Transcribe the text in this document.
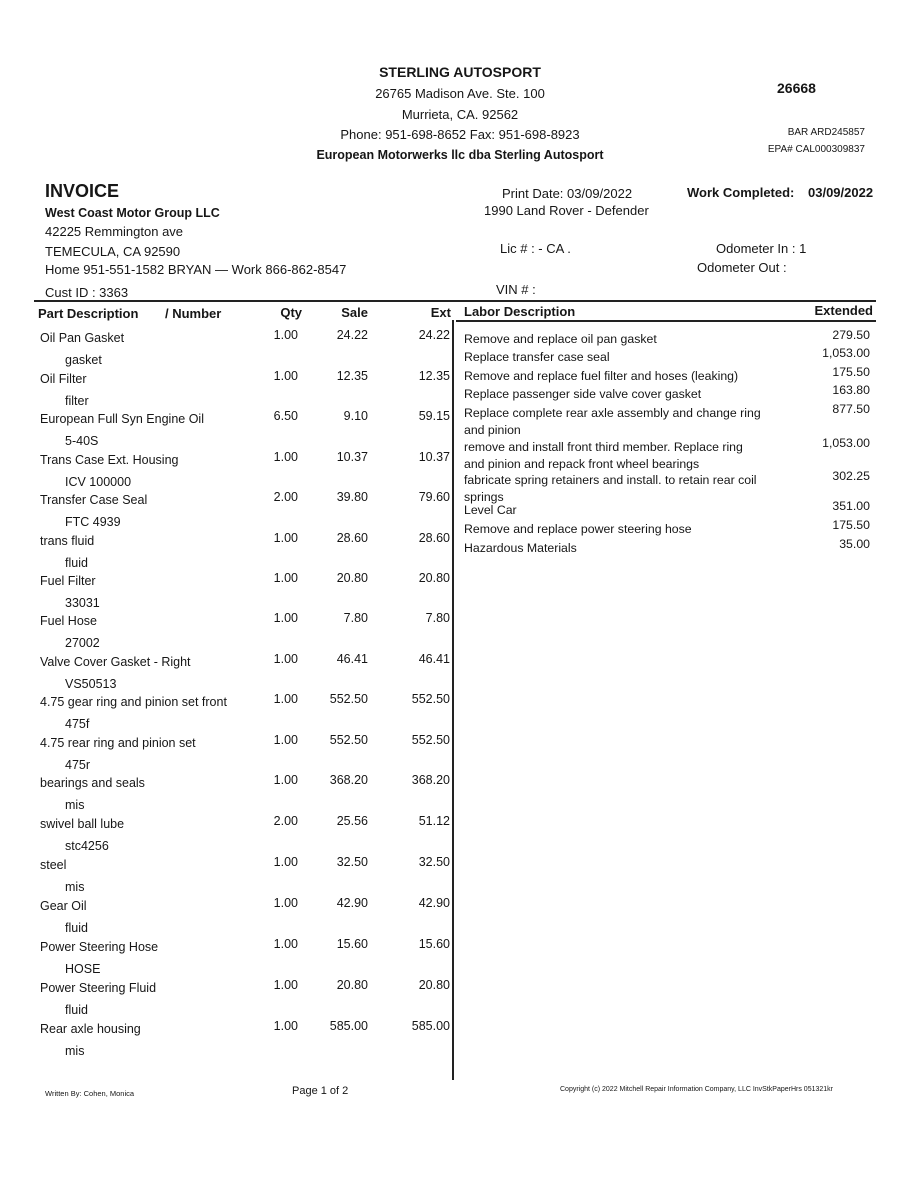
STERLING AUTOSPORT
26765 Madison Ave. Ste. 100
Murrieta, CA. 92562
Phone: 951-698-8652 Fax: 951-698-8923
European Motorwerks llc dba Sterling Autosport
26668
BAR ARD245857
EPA# CAL000309837
INVOICE
West Coast Motor Group LLC
42225 Remmington ave
TEMECULA, CA 92590
Home 951-551-1582 BRYAN — Work 866-862-8547
Cust ID : 3363
Print Date: 03/09/2022
1990 Land Rover - Defender
Work Completed: 03/09/2022
Lic # : - CA .	Odometer In : 1
Odometer Out :
VIN # :
Part Description / Number	Qty	Sale	Ext
Oil Pan Gasket
gasket
1.00	24.22	24.22
Oil Filter
filter
1.00	12.35	12.35
European Full Syn Engine Oil
5-40S
6.50	9.10	59.15
Trans Case Ext. Housing
ICV 100000
1.00	10.37	10.37
Transfer Case Seal
FTC 4939
2.00	39.80	79.60
trans fluid
fluid
1.00	28.60	28.60
Fuel Filter
33031
1.00	20.80	20.80
Fuel Hose
27002
1.00	7.80	7.80
Valve Cover Gasket - Right
VS50513
1.00	46.41	46.41
4.75 gear ring and pinion set front
475f
1.00	552.50	552.50
4.75 rear ring and pinion set
475r
1.00	552.50	552.50
bearings and seals
mis
1.00	368.20	368.20
swivel ball lube
stc4256
2.00	25.56	51.12
steel
mis
1.00	32.50	32.50
Gear Oil
fluid
1.00	42.90	42.90
Power Steering Hose
HOSE
1.00	15.60	15.60
Power Steering Fluid
fluid
1.00	20.80	20.80
Rear axle housing
mis
1.00	585.00	585.00
Labor Description	Extended
Remove and replace oil pan gasket	279.50
Replace transfer case seal	1,053.00
Remove and replace fuel filter and hoses (leaking)	175.50
Replace passenger side valve cover gasket	163.80
Replace complete rear axle assembly and change ring and pinion
877.50
remove and install front third member. Replace ring and pinion and repack front wheel bearings
1,053.00
fabricate spring retainers and install. to retain rear coil springs
302.25
Level Car	351.00
Remove and replace power steering hose	175.50
Hazardous Materials	35.00
Written By: Cohen, Monica	Page 1 of 2	Copyright (c) 2022 Mitchell Repair Information Company, LLC InvStkPaperHrs 051321kr
